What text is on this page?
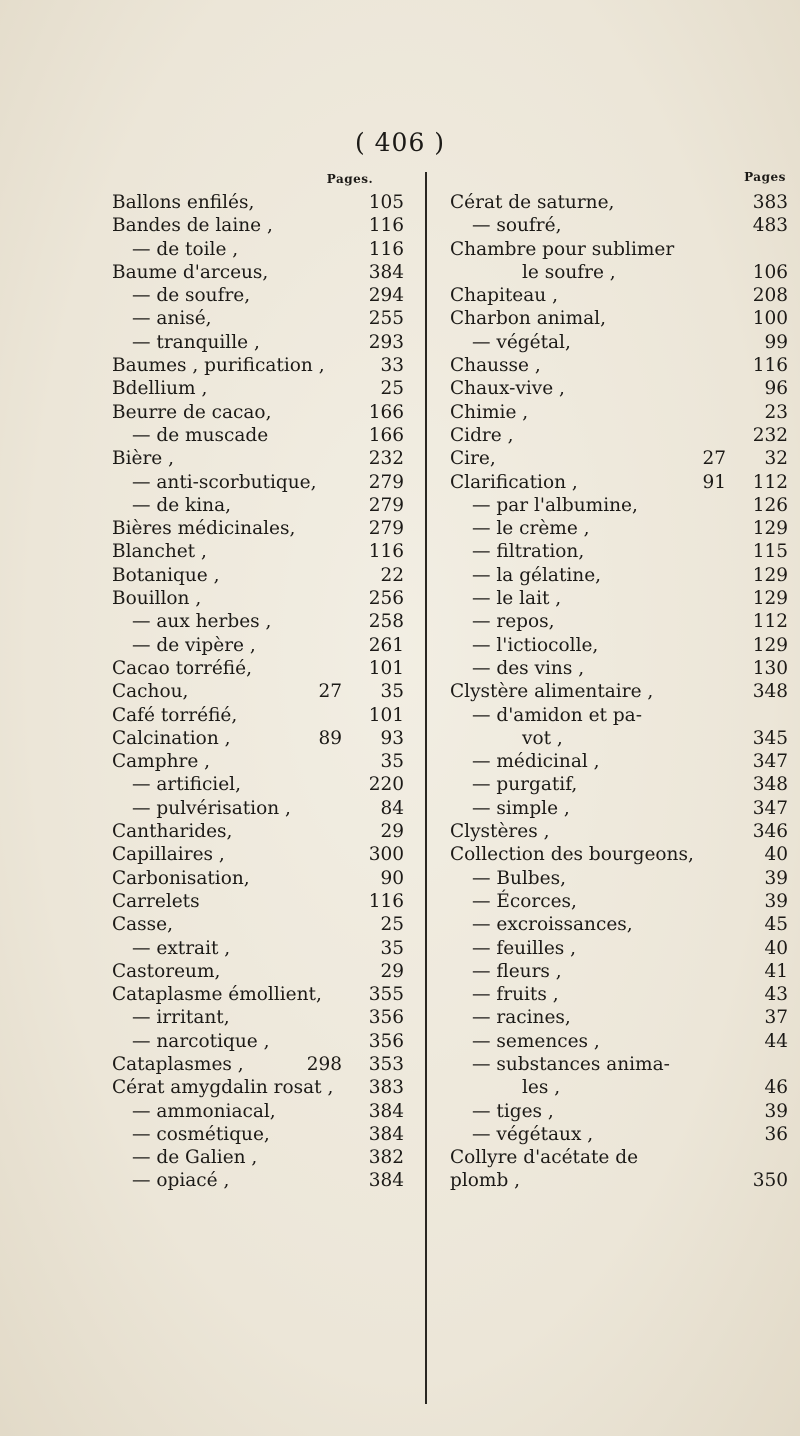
( 406 )
Pages.	Pages
Ballons enfilés,	105
Bandes de laine ,	116
— de toile ,	116
Baume d'arceus,	384
— de soufre,	294
— anisé,	255
— tranquille ,	293
Baumes , purification ,	33
Bdellium ,	25
Beurre de cacao,	166
— de muscade	166
Bière ,	232
— anti-scorbutique,	279
— de kina,	279
Bières médicinales,	279
Blanchet ,	116
Botanique ,	22
Bouillon ,	256
— aux herbes ,	258
— de vipère ,	261
Cacao torréfié,	101
Cachou,	27 35
Café torréfié,	101
Calcination ,	89 93
Camphre ,	35
— artificiel,	220
— pulvérisation ,	84
Cantharides,	29
Capillaires ,	300
Carbonisation,	90
Carrelets	116
Casse,	25
— extrait ,	35
Castoreum,	29
Cataplasme émollient,	355
— irritant,	356
— narcotique ,	356
Cataplasmes ,	298 353
Cérat amygdalin rosat , 383
— ammoniacal,	384
— cosmétique,	384
— de Galien ,	382
— opiacé ,	384
Cérat de saturne,	383
— soufré,	483
Chambre pour sublimer
le soufre ,	106
Chapiteau ,	208
Charbon animal,	100
— végétal,	99
Chausse ,	116
Chaux-vive ,	96
Chimie ,	23
Cidre ,	232
Cire,	27 32
Clarification ,	91 112
— par l'albumine,	126
— le crème ,	129
— filtration,	115
— la gélatine,	129
— le lait ,	129
— repos,	112
— l'ictiocolle,	129
— des vins ,	130
Clystère alimentaire ,	348
— d'amidon et pa-
vot ,	345
— médicinal ,	347
— purgatif,	348
— simple ,	347
Clystères ,	346
Collection des bourgeons,	40
— Bulbes,	39
— Écorces,	39
— excroissances,	45
— feuilles ,	40
— fleurs ,	41
— fruits ,	43
— racines,	37
— semences ,	44
— substances anima-
les ,	46
— tiges ,	39
— végétaux ,	36
Collyre d'acétate de
plomb ,	350
